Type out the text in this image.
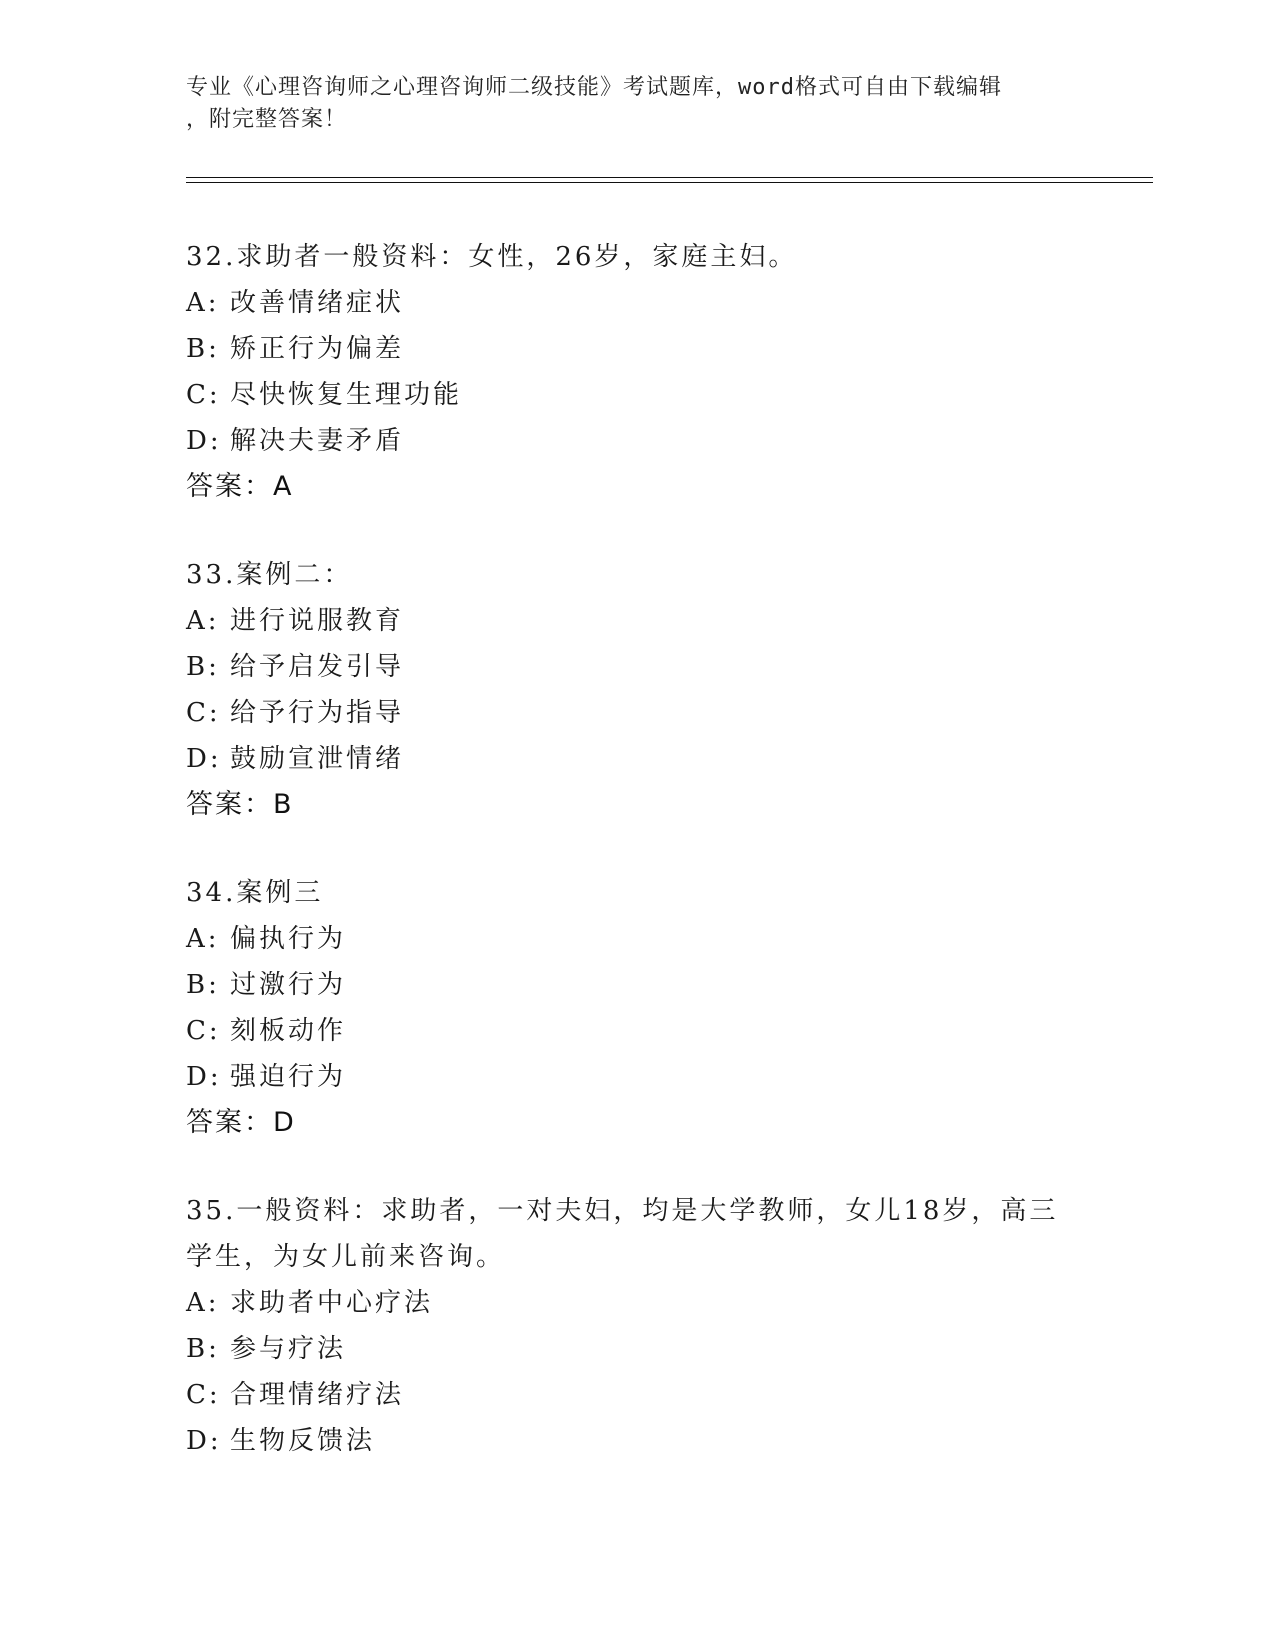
专业《心理咨询师之心理咨询师二级技能》考试题库，word格式可自由下载编辑
，附完整答案！
32.求助者一般资料：女性，26岁，家庭主妇。
A: 改善情绪症状
B: 矫正行为偏差
C: 尽快恢复生理功能
D: 解决夫妻矛盾
答案：A
33.案例二：
A: 进行说服教育
B: 给予启发引导
C: 给予行为指导
D: 鼓励宣泄情绪
答案：B
34.案例三
A: 偏执行为
B: 过激行为
C: 刻板动作
D: 强迫行为
答案：D
35.一般资料：求助者，一对夫妇，均是大学教师，女儿18岁，高三
学生，为女儿前来咨询。
A: 求助者中心疗法
B: 参与疗法
C: 合理情绪疗法
D: 生物反馈法
